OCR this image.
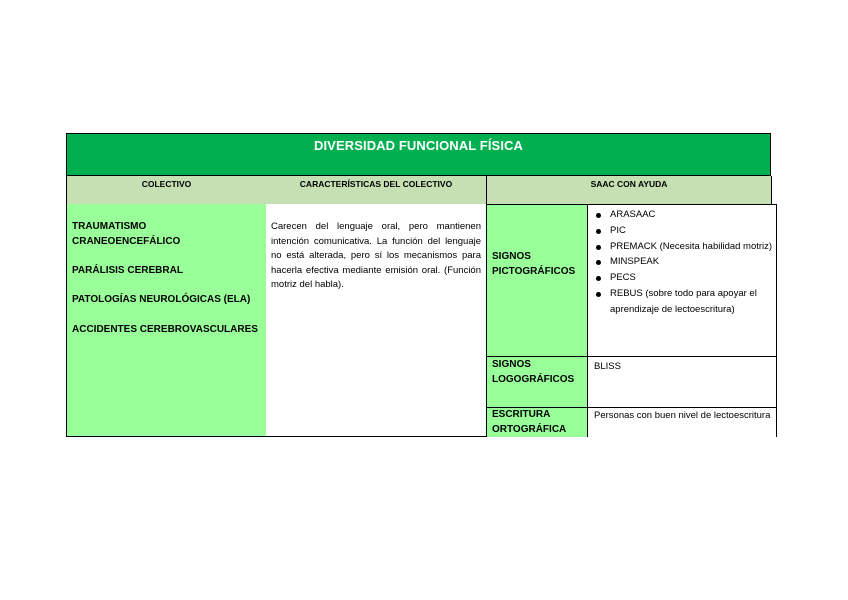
DIVERSIDAD FUNCIONAL FÍSICA
COLECTIVO	CARACTERÍSTICAS DEL COLECTIVO	SAAC CON AYUDA
TRAUMATISMO
CRANEOENCEFÁLICO
PARÁLISIS CEREBRAL
PATOLOGÍAS NEUROLÓGICAS (ELA)
ACCIDENTES CEREBROVASCULARES
Carecen del lenguaje oral, pero mantienen intención comunicativa. La función del lenguaje no está alterada, pero sí los mecanismos para hacerla efectiva mediante emisión oral. (Función motriz del habla).
SIGNOS PICTOGRÁFICOS
ARASAAC
PIC
PREMACK (Necesita habilidad motriz)
MINSPEAK
PECS
REBUS (sobre todo para apoyar el aprendizaje de lectoescritura)
SIGNOS LOGOGRÁFICOS
BLISS
ESCRITURA ORTOGRÁFICA
Personas con buen nivel de lectoescritura
